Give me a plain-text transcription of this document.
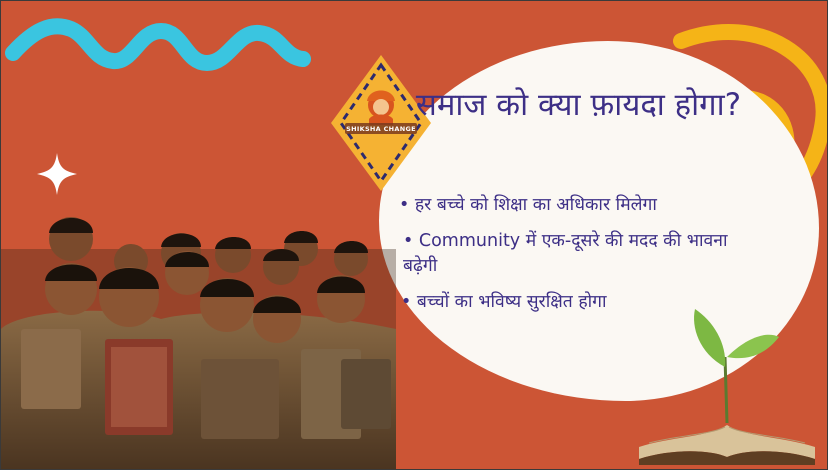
SHIKSHA CHANGE
समाज को क्या फ़ायदा होगा?
• हर बच्चे को शिक्षा का अधिकार मिलेगा
• Community में एक-दूसरे की मदद की भावना बढ़ेगी
• बच्चों का भविष्य सुरक्षित होगा
